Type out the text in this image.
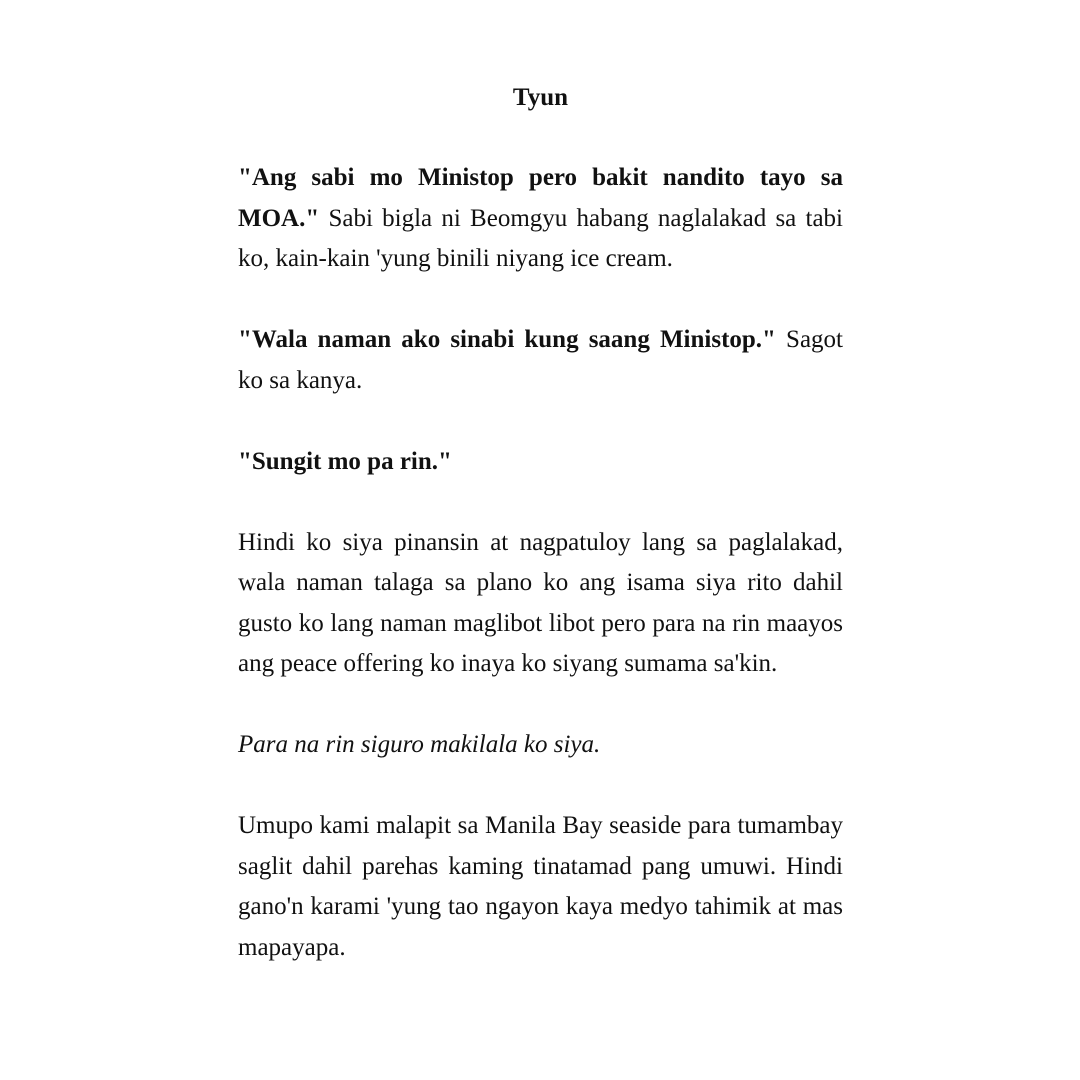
Tyun

"Ang sabi mo Ministop pero bakit nandito tayo sa MOA." Sabi bigla ni Beomgyu habang naglalakad sa tabi ko, kain-kain 'yung binili niyang ice cream.

"Wala naman ako sinabi kung saang Ministop." Sagot ko sa kanya.

"Sungit mo pa rin."

Hindi ko siya pinansin at nagpatuloy lang sa paglalakad, wala naman talaga sa plano ko ang isama siya rito dahil gusto ko lang naman maglibot libot pero para na rin maayos ang peace offering ko inaya ko siyang sumama sa'kin.

Para na rin siguro makilala ko siya.

Umupo kami malapit sa Manila Bay seaside para tumambay saglit dahil parehas kaming tinatamad pang umuwi. Hindi gano'n karami 'yung tao ngayon kaya medyo tahimik at mas mapayapa.
